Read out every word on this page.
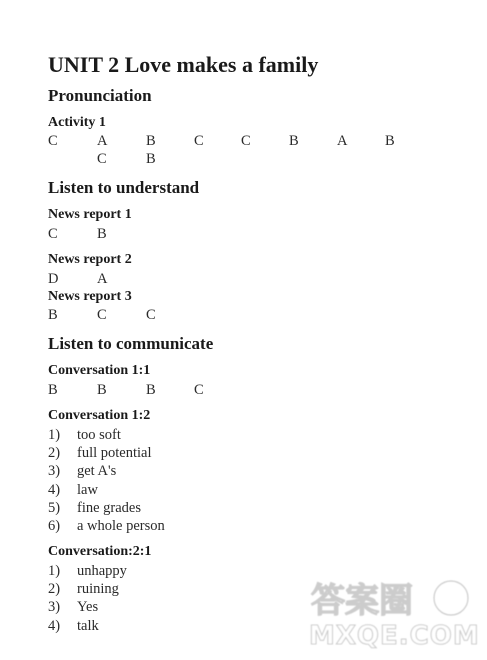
UNIT 2 Love makes a family
Pronunciation
Activity 1
C	A	B	C	C	B	A	B
C	B
Listen to understand
News report 1
C	B
News report 2
D	A
News report 3
B	C	C
Listen to communicate
Conversation 1:1
B	B	B	C
Conversation 1:2
1) too soft
2) full potential
3) get A's
4) law
5) fine grades
6) a whole person
Conversation:2:1
1) unhappy
2) ruining
3) Yes
4) talk
答案圈
MXQE.COM
